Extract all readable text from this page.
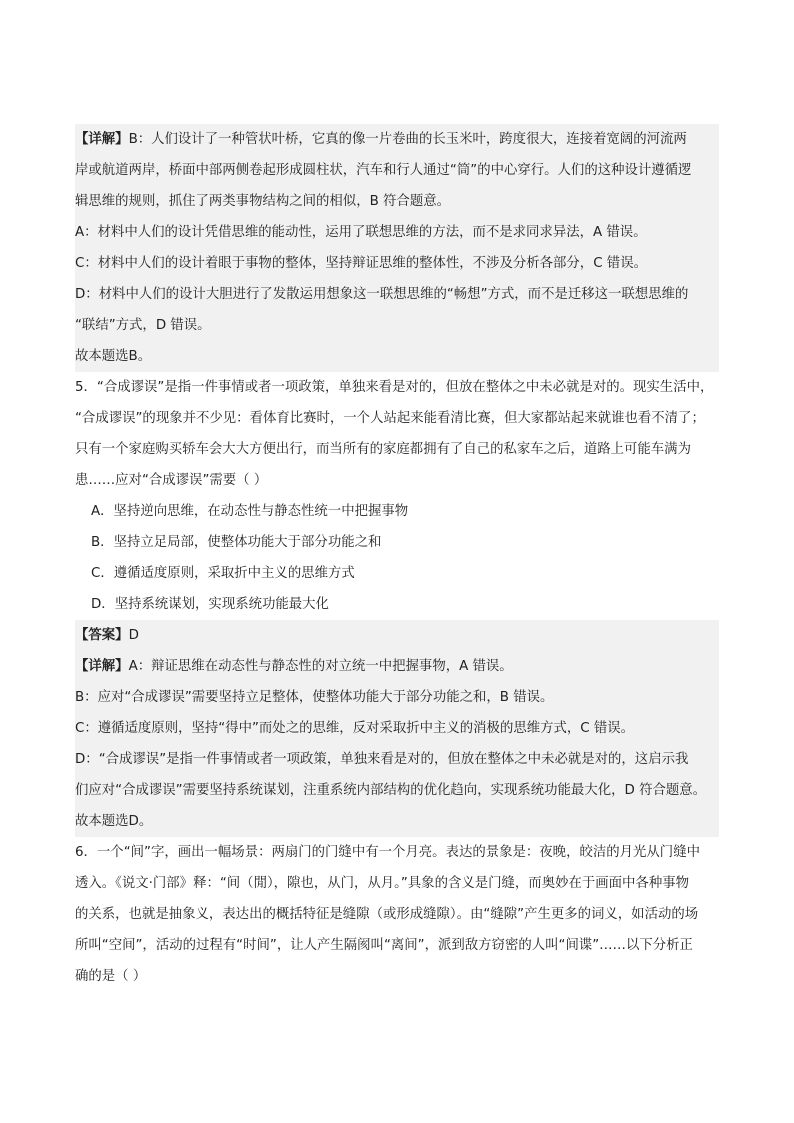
【详解】B：人们设计了一种管状叶桥，它真的像一片卷曲的长玉米叶，跨度很大，连接着宽阔的河流两
岸或航道两岸，桥面中部两侧卷起形成圆柱状，汽车和行人通过“筒”的中心穿行。人们的这种设计遵循逻
辑思维的规则，抓住了两类事物结构之间的相似，B 符合题意。
A：材料中人们的设计凭借思维的能动性，运用了联想思维的方法，而不是求同求异法，A 错误。
C：材料中人们的设计着眼于事物的整体，坚持辩证思维的整体性，不涉及分析各部分，C 错误。
D：材料中人们的设计大胆进行了发散运用想象这一联想思维的“畅想”方式，而不是迁移这一联想思维的
“联结”方式，D 错误。
故本题选B。
5．“合成谬误”是指一件事情或者一项政策，单独来看是对的，但放在整体之中未必就是对的。现实生活中，
“合成谬误”的现象并不少见：看体育比赛时，一个人站起来能看清比赛，但大家都站起来就谁也看不清了；
只有一个家庭购买轿车会大大方便出行，而当所有的家庭都拥有了自己的私家车之后，道路上可能车满为
患……应对“合成谬误”需要（ ）
A．坚持逆向思维，在动态性与静态性统一中把握事物
B．坚持立足局部，使整体功能大于部分功能之和
C．遵循适度原则，采取折中主义的思维方式
D．坚持系统谋划，实现系统功能最大化
【答案】D
【详解】A：辩证思维在动态性与静态性的对立统一中把握事物，A 错误。
B：应对“合成谬误”需要坚持立足整体，使整体功能大于部分功能之和，B 错误。
C：遵循适度原则，坚持“得中”而处之的思维，反对采取折中主义的消极的思维方式，C 错误。
D：“合成谬误”是指一件事情或者一项政策，单独来看是对的，但放在整体之中未必就是对的，这启示我
们应对“合成谬误”需要坚持系统谋划，注重系统内部结构的优化趋向，实现系统功能最大化，D 符合题意。
故本题选D。
6．一个“间”字，画出一幅场景：两扇门的门缝中有一个月亮。表达的景象是：夜晚，皎洁的月光从门缝中
透入。《说文·门部》释：“间（閒），隙也，从门，从月。”具象的含义是门缝，而奥妙在于画面中各种事物
的关系，也就是抽象义，表达出的概括特征是缝隙（或形成缝隙）。由“缝隙”产生更多的词义，如活动的场
所叫“空间”，活动的过程有“时间”，让人产生隔阂叫“离间”，派到敌方窃密的人叫“间谍”……以下分析正
确的是（ ）
